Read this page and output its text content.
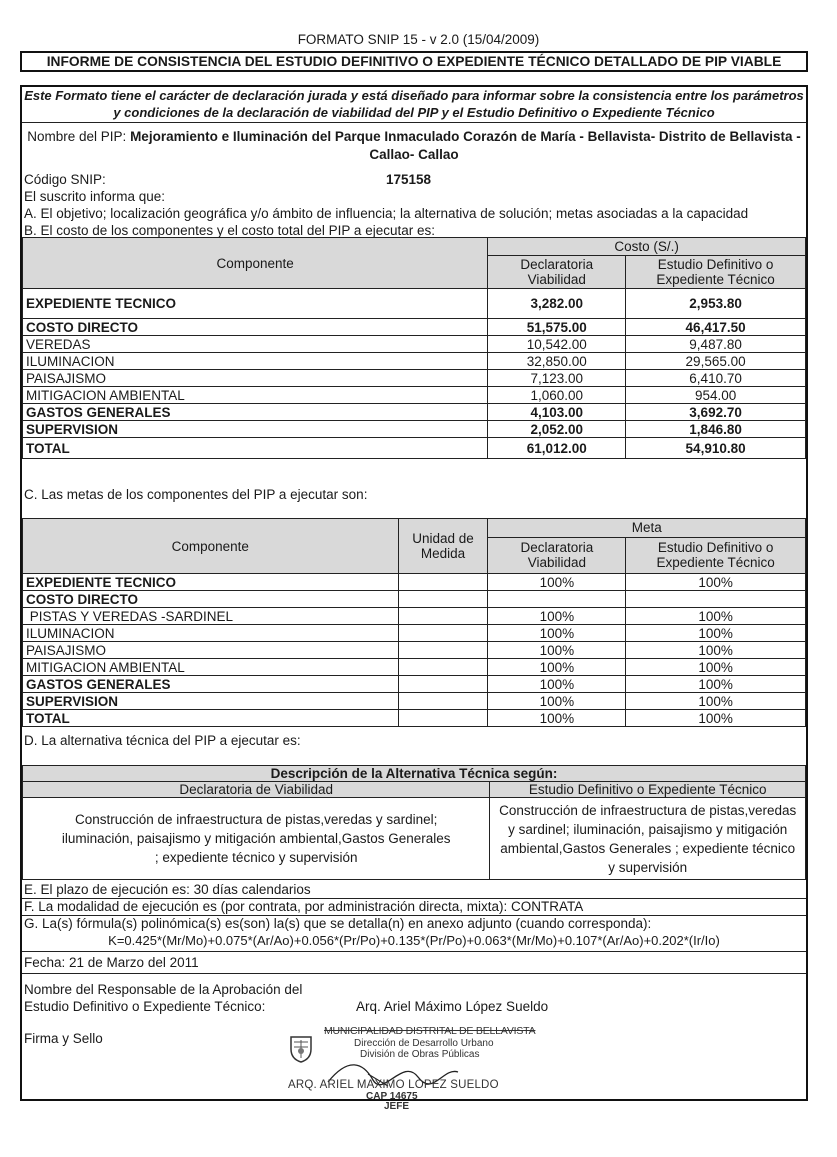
FORMATO SNIP 15 - v 2.0 (15/04/2009)
INFORME DE CONSISTENCIA DEL ESTUDIO DEFINITIVO O EXPEDIENTE TÉCNICO DETALLADO DE PIP VIABLE
Este Formato tiene el carácter de declaración jurada y está diseñado para informar sobre la consistencia entre los parámetros y condiciones de la declaración de viabilidad del PIP y el Estudio Definitivo o Expediente Técnico
Nombre del PIP: Mejoramiento e Iluminación del Parque Inmaculado Corazón de María - Bellavista- Distrito de Bellavista -Callao- Callao
Código SNIP:	175158
El suscrito informa que:
A. El objetivo; localización geográfica y/o ámbito de influencia; la alternativa de solución; metas asociadas a la capacidad
B. El costo de los componentes y el costo total del PIP a ejecutar es:
Componente	Costo (S/.)	
	Declaratoria Viabilidad	Estudio Definitivo o Expediente Técnico
EXPEDIENTE TECNICO	3,282.00	2,953.80
COSTO DIRECTO	51,575.00	46,417.50
VEREDAS	10,542.00	9,487.80
ILUMINACION	32,850.00	29,565.00
PAISAJISMO	7,123.00	6,410.70
MITIGACION AMBIENTAL	1,060.00	954.00
GASTOS GENERALES	4,103.00	3,692.70
SUPERVISION	2,052.00	1,846.80
TOTAL	61,012.00	54,910.80
C. Las metas de los componentes del PIP a ejecutar son:
Componente	Unidad de Medida	Meta	
		Declaratoria Viabilidad	Estudio Definitivo o Expediente Técnico
EXPEDIENTE TECNICO		100%	100%
COSTO DIRECTO			
PISTAS Y VEREDAS -SARDINEL		100%	100%
ILUMINACION		100%	100%
PAISAJISMO		100%	100%
MITIGACION AMBIENTAL		100%	100%
GASTOS GENERALES		100%	100%
SUPERVISION		100%	100%
TOTAL		100%	100%
D. La alternativa técnica del PIP a ejecutar es:
Descripción de la Alternativa Técnica según:	
Declaratoria de Viabilidad	Estudio Definitivo o Expediente Técnico
Construcción de infraestructura de pistas,veredas y sardinel; iluminación, paisajismo y mitigación ambiental,Gastos Generales ; expediente técnico y supervisión	Construcción de infraestructura de pistas,veredas y sardinel; iluminación, paisajismo y mitigación ambiental,Gastos Generales ; expediente técnico y supervisión
E. El plazo de ejecución es: 30 días calendarios
F. La modalidad de ejecución es (por contrata, por administración directa, mixta): CONTRATA
G. La(s) fórmula(s) polinómica(s) es(son) la(s) que se detalla(n) en anexo adjunto (cuando corresponda):
K=0.425*(Mr/Mo)+0.075*(Ar/Ao)+0.056*(Pr/Po)+0.135*(Pr/Po)+0.063*(Mr/Mo)+0.107*(Ar/Ao)+0.202*(Ir/Io)
Fecha: 21 de Marzo del 2011
Nombre del Responsable de la Aprobación del
Estudio Definitivo o Expediente Técnico:	Arq. Ariel Máximo López Sueldo
Firma y Sello	MUNICIPALIDAD DISTRITAL DE BELLAVISTA
Dirección de Desarrollo Urbano
División de Obras Públicas
ARQ. ARIEL MAXIMO LOPEZ SUELDO
CAP 14675
JEFE
